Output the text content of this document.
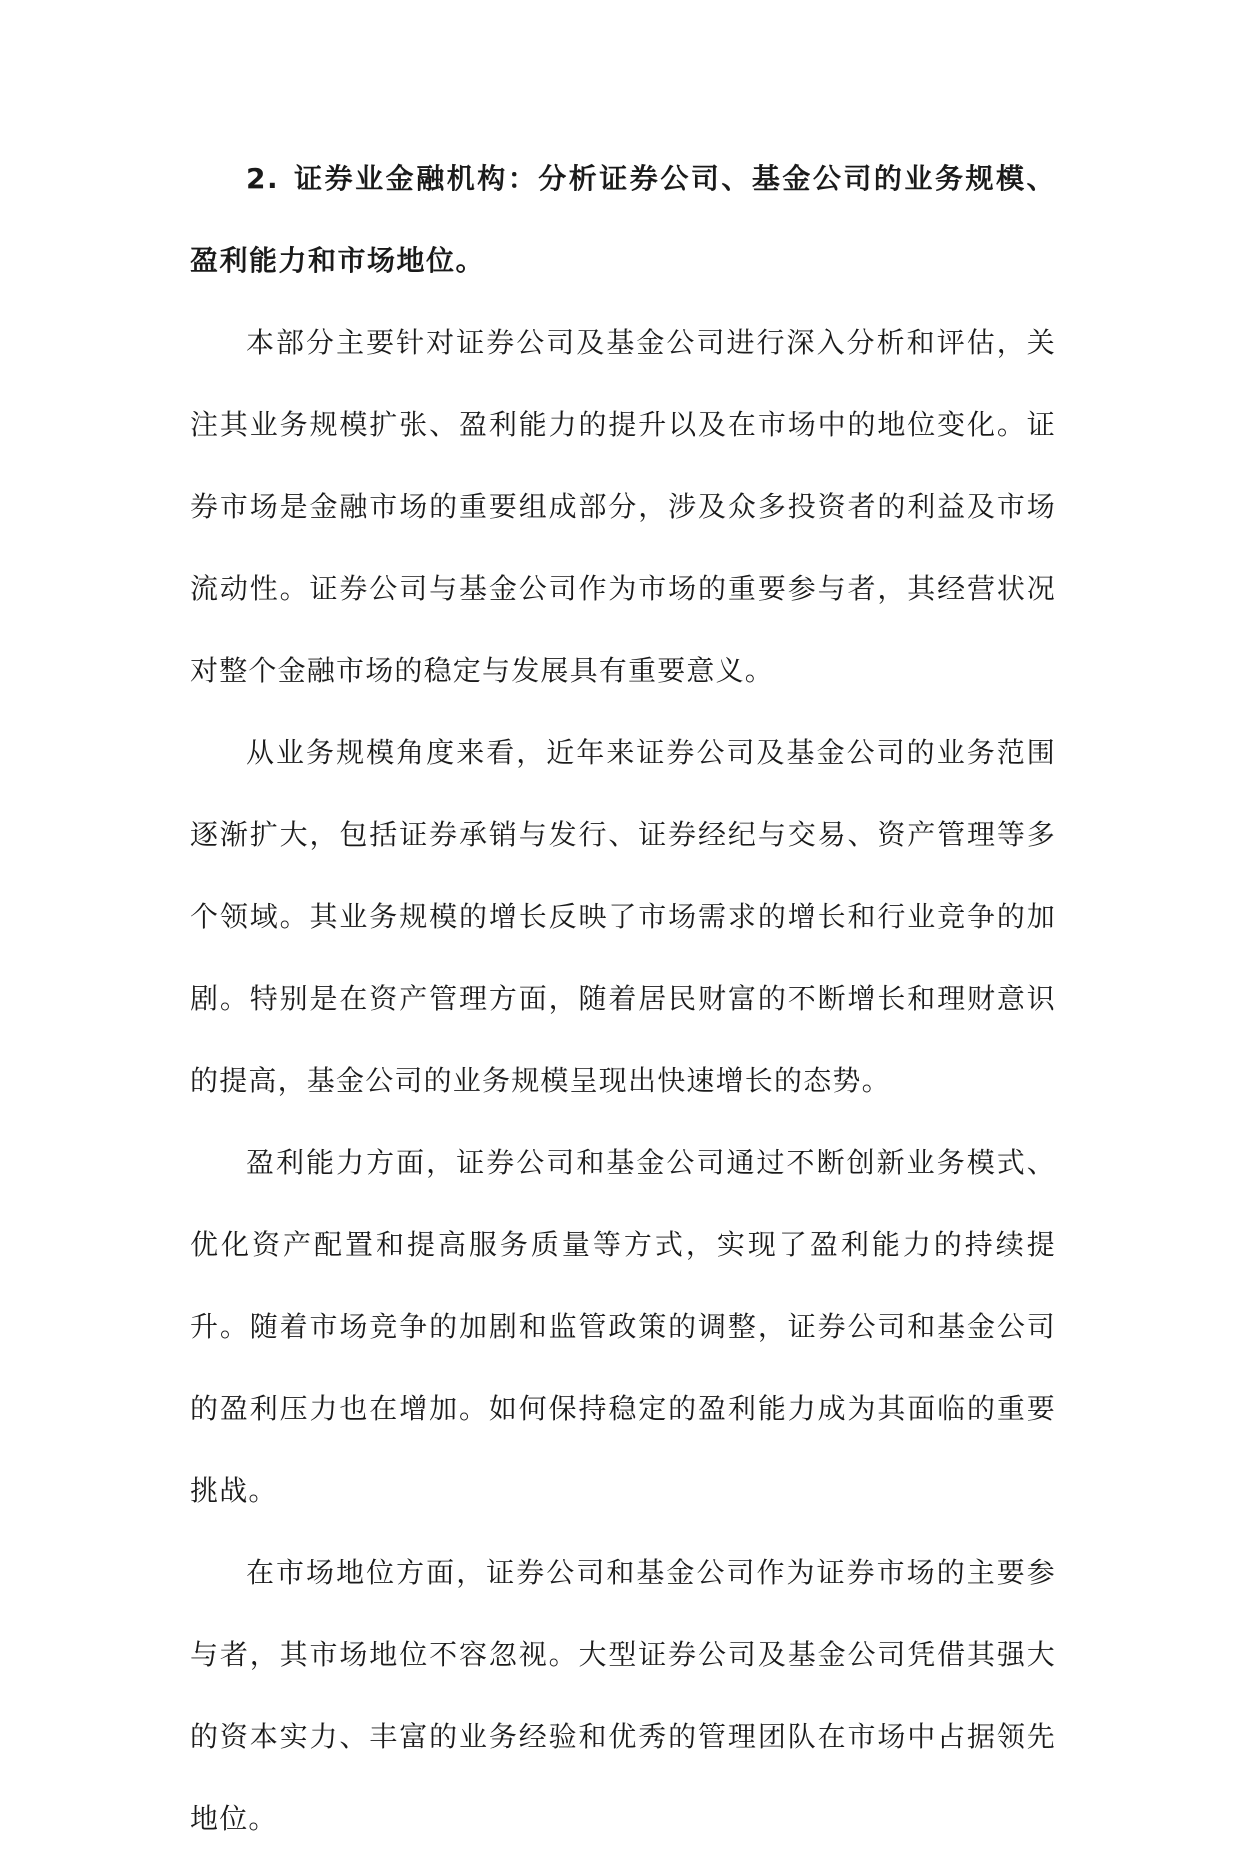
2. 证券业金融机构：分析证券公司、基金公司的业务规模、盈利能力和市场地位。

本部分主要针对证券公司及基金公司进行深入分析和评估，关注其业务规模扩张、盈利能力的提升以及在市场中的地位变化。证券市场是金融市场的重要组成部分，涉及众多投资者的利益及市场流动性。证券公司与基金公司作为市场的重要参与者，其经营状况对整个金融市场的稳定与发展具有重要意义。

从业务规模角度来看，近年来证券公司及基金公司的业务范围逐渐扩大，包括证券承销与发行、证券经纪与交易、资产管理等多个领域。其业务规模的增长反映了市场需求的增长和行业竞争的加剧。特别是在资产管理方面，随着居民财富的不断增长和理财意识的提高，基金公司的业务规模呈现出快速增长的态势。

盈利能力方面，证券公司和基金公司通过不断创新业务模式、优化资产配置和提高服务质量等方式，实现了盈利能力的持续提升。随着市场竞争的加剧和监管政策的调整，证券公司和基金公司的盈利压力也在增加。如何保持稳定的盈利能力成为其面临的重要挑战。

在市场地位方面，证券公司和基金公司作为证券市场的主要参与者，其市场地位不容忽视。大型证券公司及基金公司凭借其强大的资本实力、丰富的业务经验和优秀的管理团队在市场中占据领先地位。
